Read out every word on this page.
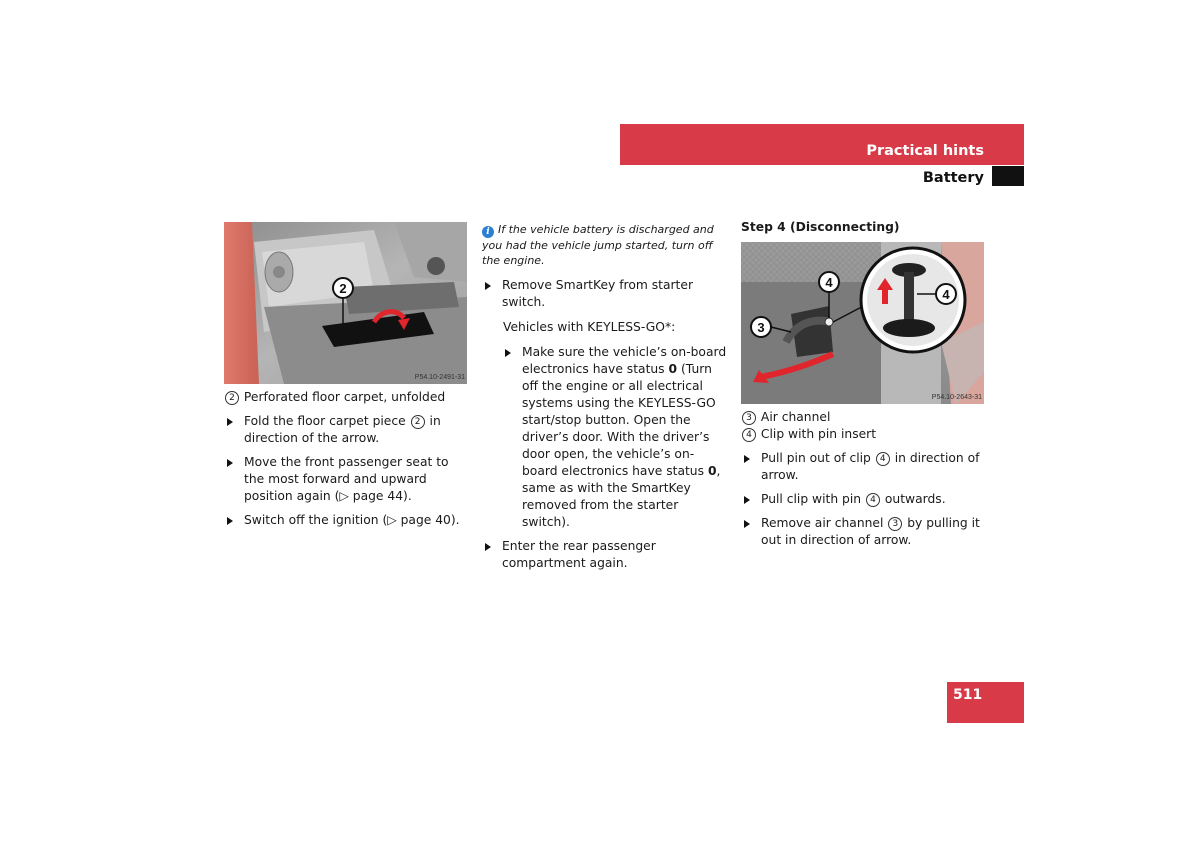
Practical hints
Battery
2
P54.10-2491-31

2 Perforated floor carpet, unfolded

Fold the floor carpet piece 2 in direction of the arrow.

Move the front passenger seat to the most forward and upward position again (▷ page 44).

Switch off the ignition (▷ page 40).

i If the vehicle battery is discharged and you had the vehicle jump started, turn off the engine.

Remove SmartKey from starter switch.

Vehicles with KEYLESS-GO*:

Make sure the vehicle’s on-board electronics have status 0 (Turn off the engine or all electrical systems using the KEYLESS-GO start/stop button. Open the driver’s door. With the driver’s door open, the vehicle’s on-board electronics have status 0, same as with the SmartKey removed from the starter switch).

Enter the rear passenger compartment again.

Step 4 (Disconnecting)
4
3
4
P54.10-2643-31

3 Air channel

4 Clip with pin insert

Pull pin out of clip 4 in direction of arrow.

Pull clip with pin 4 outwards.

Remove air channel 3 by pulling it out in direction of arrow.

511
